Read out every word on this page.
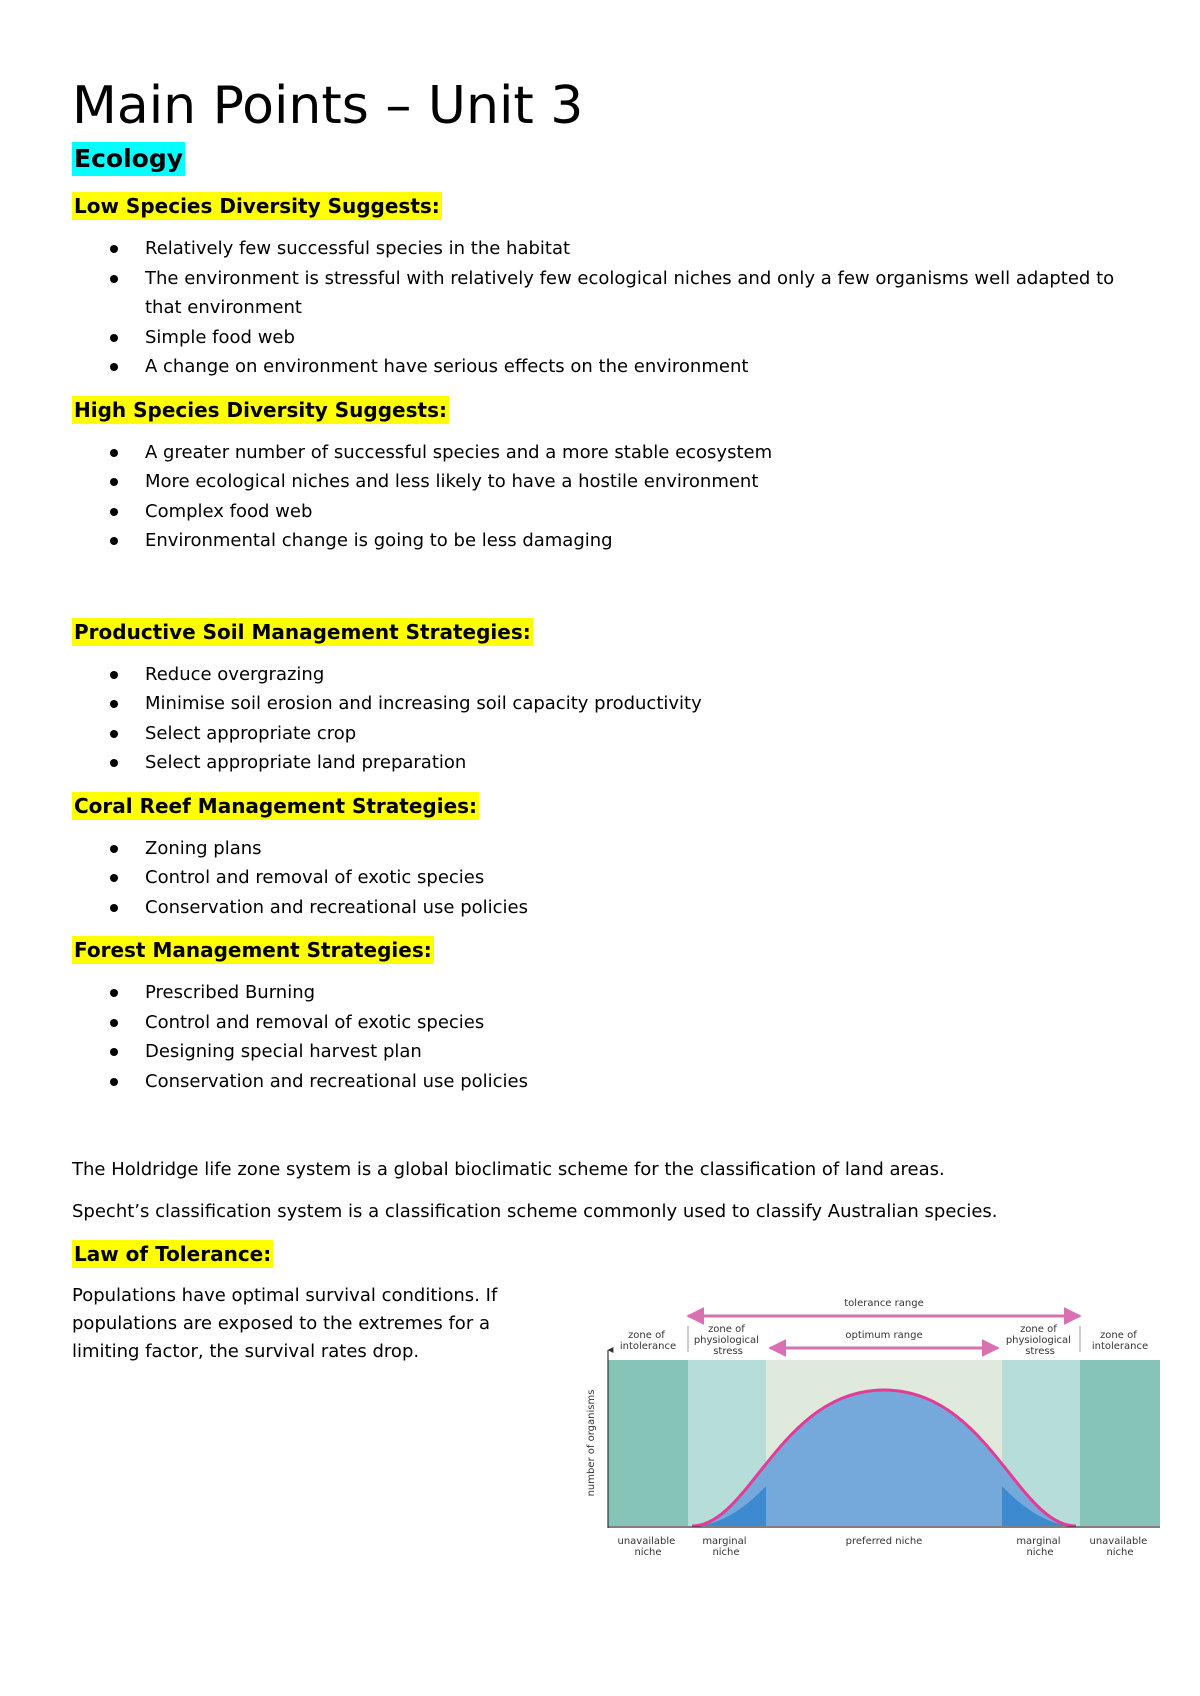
Main Points – Unit 3
Ecology
Low Species Diversity Suggests:
Relatively few successful species in the habitat
The environment is stressful with relatively few ecological niches and only a few organisms well adapted to that environment
Simple food web
A change on environment have serious effects on the environment
High Species Diversity Suggests:
A greater number of successful species and a more stable ecosystem
More ecological niches and less likely to have a hostile environment
Complex food web
Environmental change is going to be less damaging
Productive Soil Management Strategies:
Reduce overgrazing
Minimise soil erosion and increasing soil capacity productivity
Select appropriate crop
Select appropriate land preparation
Coral Reef Management Strategies:
Zoning plans
Control and removal of exotic species
Conservation and recreational use policies
Forest Management Strategies:
Prescribed Burning
Control and removal of exotic species
Designing special harvest plan
Conservation and recreational use policies

The Holdridge life zone system is a global bioclimatic scheme for the classification of land areas.

Specht’s classification system is a classification scheme commonly used to classify Australian species.

Law of Tolerance:

Populations have optimal survival conditions. If populations are exposed to the extremes for a limiting factor, the survival rates drop.

tolerance range
optimum range
zone of intolerance
zone of physiological stress
zone of physiological stress
zone of intolerance
number of organisms
unavailable niche
marginal niche
preferred niche	marginal niche
unavailable niche
